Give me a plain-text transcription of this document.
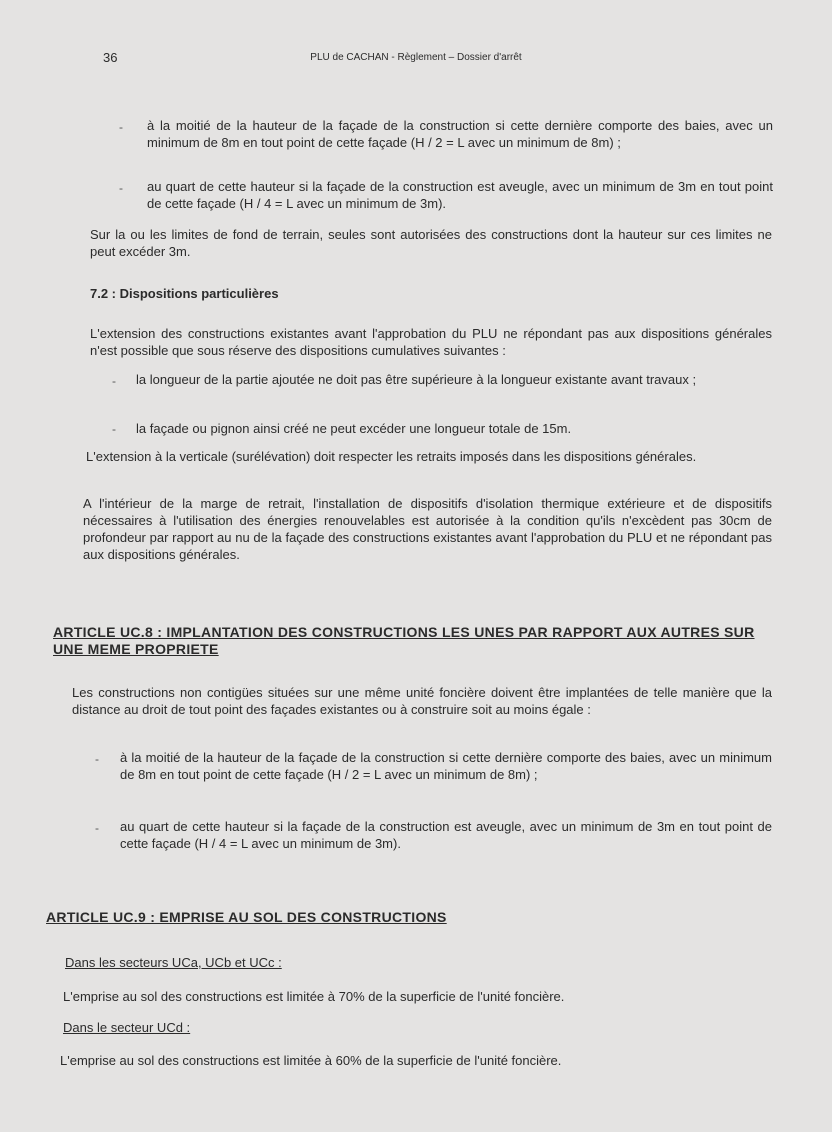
36	PLU de CACHAN - Règlement – Dossier d'arrêt
- à la moitié de la hauteur de la façade de la construction si cette dernière comporte des baies, avec un minimum de 8m en tout point de cette façade (H / 2 = L avec un minimum de 8m) ;
- au quart de cette hauteur si la façade de la construction est aveugle, avec un minimum de 3m en tout point de cette façade (H / 4 = L avec un minimum de 3m).
Sur la ou les limites de fond de terrain, seules sont autorisées des constructions dont la hauteur sur ces limites ne peut excéder 3m.
7.2 : Dispositions particulières
L'extension des constructions existantes avant l'approbation du PLU ne répondant pas aux dispositions générales n'est possible que sous réserve des dispositions cumulatives suivantes :
- la longueur de la partie ajoutée ne doit pas être supérieure à la longueur existante avant travaux ;
- la façade ou pignon ainsi créé ne peut excéder une longueur totale de 15m.
L'extension à la verticale (surélévation) doit respecter les retraits imposés dans les dispositions générales.
A l'intérieur de la marge de retrait, l'installation de dispositifs d'isolation thermique extérieure et de dispositifs nécessaires à l'utilisation des énergies renouvelables est autorisée à la condition qu'ils n'excèdent pas 30cm de profondeur par rapport au nu de la façade des constructions existantes avant l'approbation du PLU et ne répondant pas aux dispositions générales.
ARTICLE UC.8 : IMPLANTATION DES CONSTRUCTIONS LES UNES PAR RAPPORT AUX AUTRES SUR UNE MEME PROPRIETE
Les constructions non contigües situées sur une même unité foncière doivent être implantées de telle manière que la distance au droit de tout point des façades existantes ou à construire soit au moins égale :
- à la moitié de la hauteur de la façade de la construction si cette dernière comporte des baies, avec un minimum de 8m en tout point de cette façade (H / 2 = L avec un minimum de 8m) ;
- au quart de cette hauteur si la façade de la construction est aveugle, avec un minimum de 3m en tout point de cette façade (H / 4 = L avec un minimum de 3m).
ARTICLE UC.9 : EMPRISE AU SOL DES CONSTRUCTIONS
Dans les secteurs UCa, UCb et UCc :
L'emprise au sol des constructions est limitée à 70% de la superficie de l'unité foncière.
Dans le secteur UCd :
L'emprise au sol des constructions est limitée à 60% de la superficie de l'unité foncière.
